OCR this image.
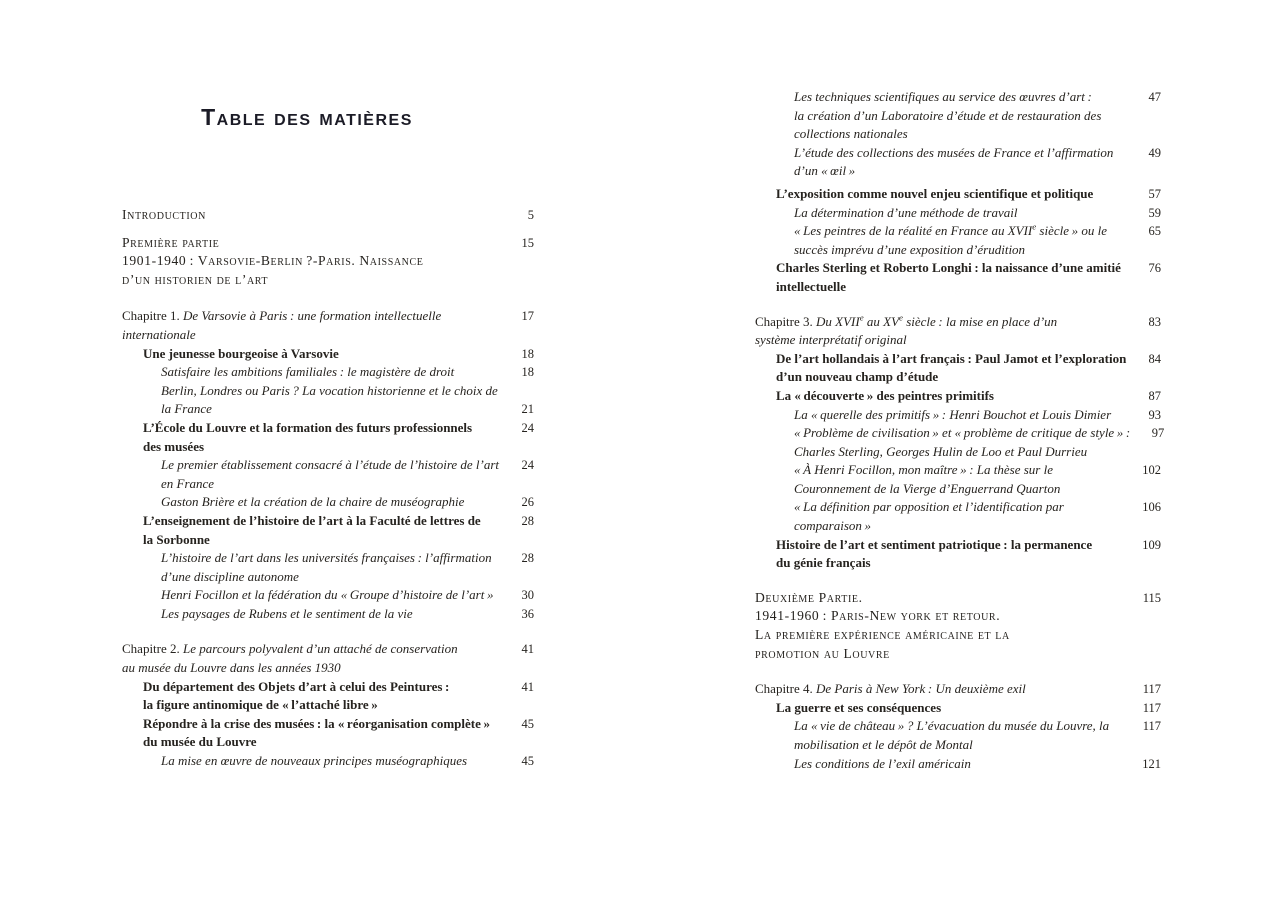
Table des matières
Introduction	5
Première partie	15
1901-1940 : Varsovie-Berlin ?-Paris. Naissance
d’un historien de l’art
Chapitre 1. De Varsovie à Paris : une formation intellectuelle	17
internationale
Une jeunesse bourgeoise à Varsovie	18
Satisfaire les ambitions familiales : le magistère de droit	18
Berlin, Londres ou Paris ? La vocation historienne et le choix de
la France	21
L’École du Louvre et la formation des futurs professionnels	24
des musées
Le premier établissement consacré à l’étude de l’histoire de l’art	24
en France
Gaston Brière et la création de la chaire de muséographie	26
L’enseignement de l’histoire de l’art à la Faculté de lettres de	28
la Sorbonne
L’histoire de l’art dans les universités françaises : l’affirmation	28
d’une discipline autonome
Henri Focillon et la fédération du « Groupe d’histoire de l’art »	30
Les paysages de Rubens et le sentiment de la vie	36
Chapitre 2. Le parcours polyvalent d’un attaché de conservation	41
au musée du Louvre dans les années 1930
Du département des Objets d’art à celui des Peintures :	41
la figure antinomique de « l’attaché libre »
Répondre à la crise des musées : la « réorganisation complète »	45
du musée du Louvre
La mise en œuvre de nouveaux principes muséographiques	45
Les techniques scientifiques au service des œuvres d’art :	47
la création d’un Laboratoire d’étude et de restauration des
collections nationales
L’étude des collections des musées de France et l’affirmation	49
d’un « œil »
L’exposition comme nouvel enjeu scientifique et politique	57
La détermination d’une méthode de travail	59
« Les peintres de la réalité en France au XVIIe siècle » ou le	65
succès imprévu d’une exposition d’érudition
Charles Sterling et Roberto Longhi : la naissance d’une amitié	76
intellectuelle
Chapitre 3. Du XVIIe au XVe siècle : la mise en place d’un	83
système interprétatif original
De l’art hollandais à l’art français : Paul Jamot et l’exploration	84
d’un nouveau champ d’étude
La « découverte » des peintres primitifs	87
La « querelle des primitifs » : Henri Bouchot et Louis Dimier	93
« Problème de civilisation » et « problème de critique de style » :	97
Charles Sterling, Georges Hulin de Loo et Paul Durrieu
« À Henri Focillon, mon maître » : La thèse sur le	102
Couronnement de la Vierge d’Enguerrand Quarton
« La définition par opposition et l’identification par	106
comparaison »
Histoire de l’art et sentiment patriotique : la permanence	109
du génie français
Deuxième Partie.	115
1941-1960 : Paris-New york et retour.
La première expérience américaine et la
promotion au Louvre
Chapitre 4. De Paris à New York : Un deuxième exil	117
La guerre et ses conséquences	117
La « vie de château » ? L’évacuation du musée du Louvre, la	117
mobilisation et le dépôt de Montal
Les conditions de l’exil américain	121
